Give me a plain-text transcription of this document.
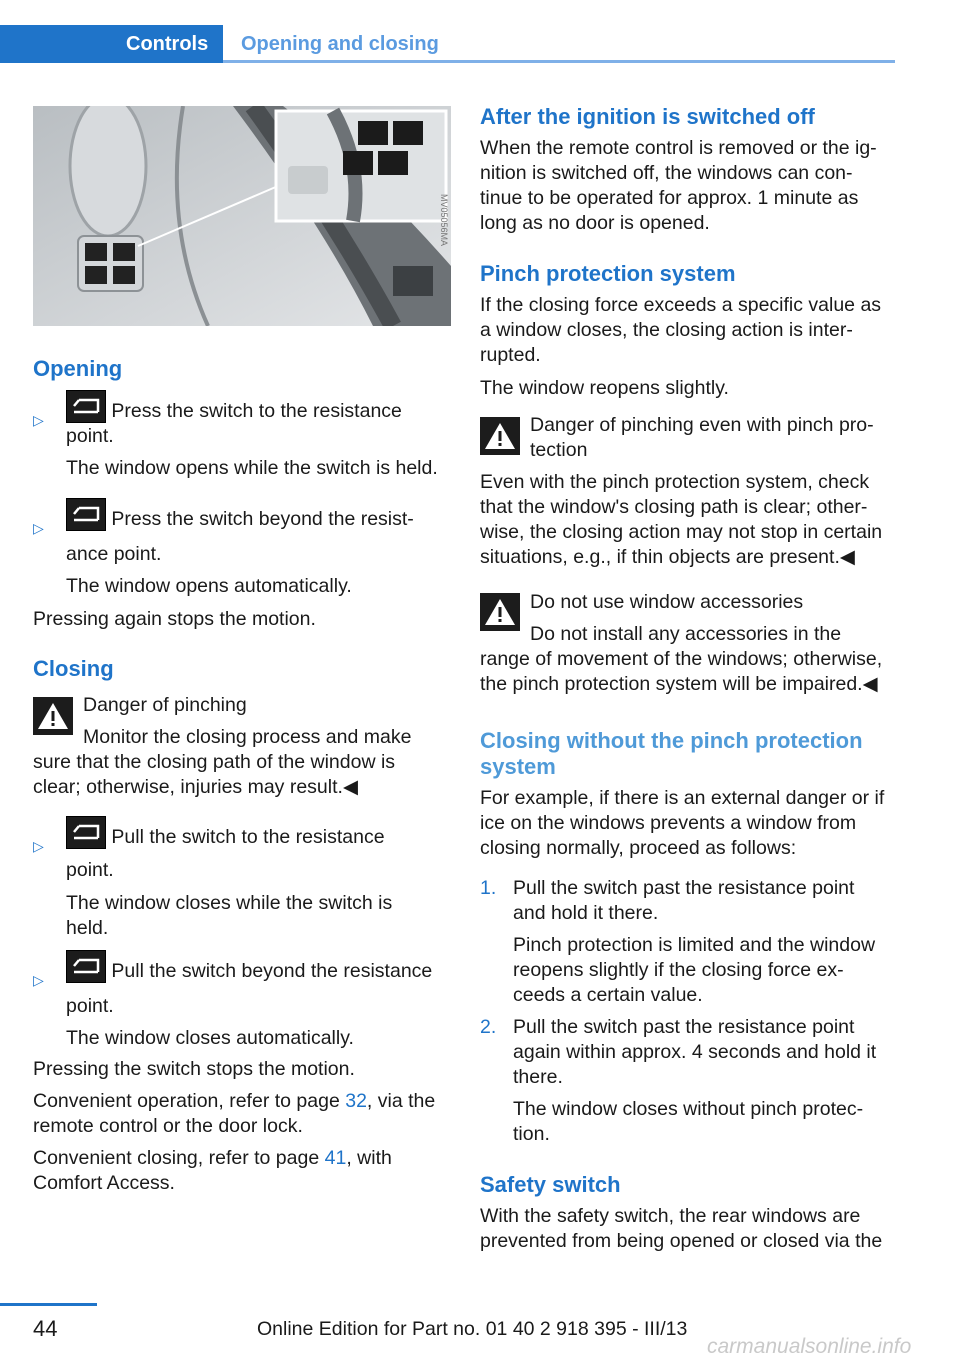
Controls	Opening and closing
MV05056MA
Opening
▷	Press the switch to the resistance
point.
The window opens while the switch is held.
▷	Press the switch beyond the resist-
ance point.
The window opens automatically.
Pressing again stops the motion.
Closing
Danger of pinching
Monitor the closing process and make
sure that the closing path of the window is
clear; otherwise, injuries may result.◀
▷	Pull the switch to the resistance
point.
The window closes while the switch is
held.
▷	Pull the switch beyond the resistance
point.
The window closes automatically.
Pressing the switch stops the motion.
Convenient operation, refer to page 32, via the
remote control or the door lock.
Convenient closing, refer to page 41, with
Comfort Access.
After the ignition is switched off
When the remote control is removed or the ig-
nition is switched off, the windows can con-
tinue to be operated for approx. 1 minute as
long as no door is opened.
Pinch protection system
If the closing force exceeds a specific value as
a window closes, the closing action is inter-
rupted.
The window reopens slightly.
Danger of pinching even with pinch pro-
tection
Even with the pinch protection system, check
that the window's closing path is clear; other-
wise, the closing action may not stop in certain
situations, e.g., if thin objects are present.◀
Do not use window accessories
Do not install any accessories in the
range of movement of the windows; otherwise,
the pinch protection system will be impaired.◀
Closing without the pinch protection
system
For example, if there is an external danger or if
ice on the windows prevents a window from
closing normally, proceed as follows:
1. Pull the switch past the resistance point
and hold it there.
Pinch protection is limited and the window
reopens slightly if the closing force ex-
ceeds a certain value.
2. Pull the switch past the resistance point
again within approx. 4 seconds and hold it
there.
The window closes without pinch protec-
tion.
Safety switch
With the safety switch, the rear windows are
prevented from being opened or closed via the
44	Online Edition for Part no. 01 40 2 918 395 - III/13
carmanualsonline.info
